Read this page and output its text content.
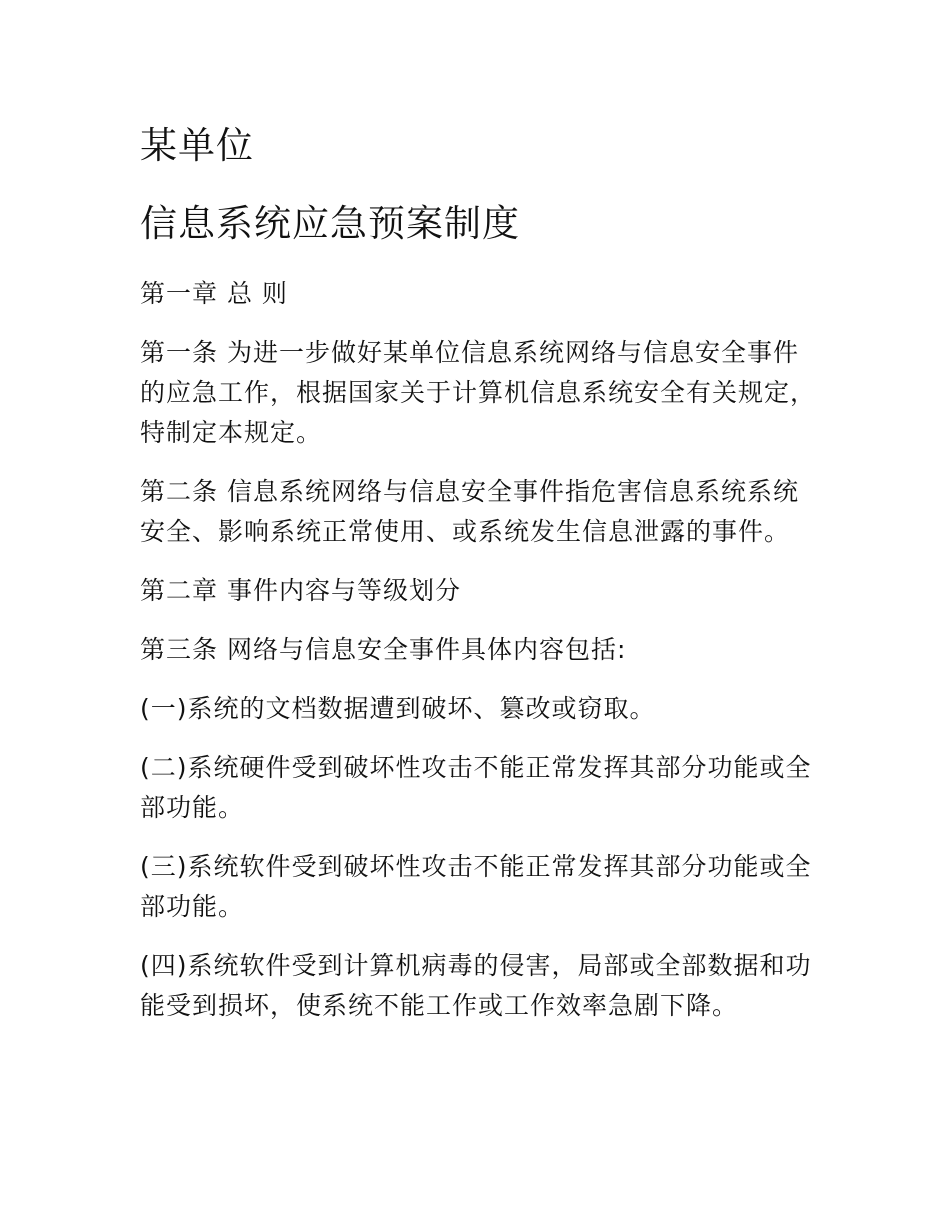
某单位
信息系统应急预案制度

第一章 总 则

第一条 为进一步做好某单位信息系统网络与信息安全事件的应急工作，根据国家关于计算机信息系统安全有关规定，特制定本规定。

第二条 信息系统网络与信息安全事件指危害信息系统系统安全、影响系统正常使用、或系统发生信息泄露的事件。

第二章 事件内容与等级划分

第三条 网络与信息安全事件具体内容包括:

(一)系统的文档数据遭到破坏、篡改或窃取。

(二)系统硬件受到破坏性攻击不能正常发挥其部分功能或全部功能。

(三)系统软件受到破坏性攻击不能正常发挥其部分功能或全部功能。

(四)系统软件受到计算机病毒的侵害，局部或全部数据和功能受到损坏，使系统不能工作或工作效率急剧下降。
